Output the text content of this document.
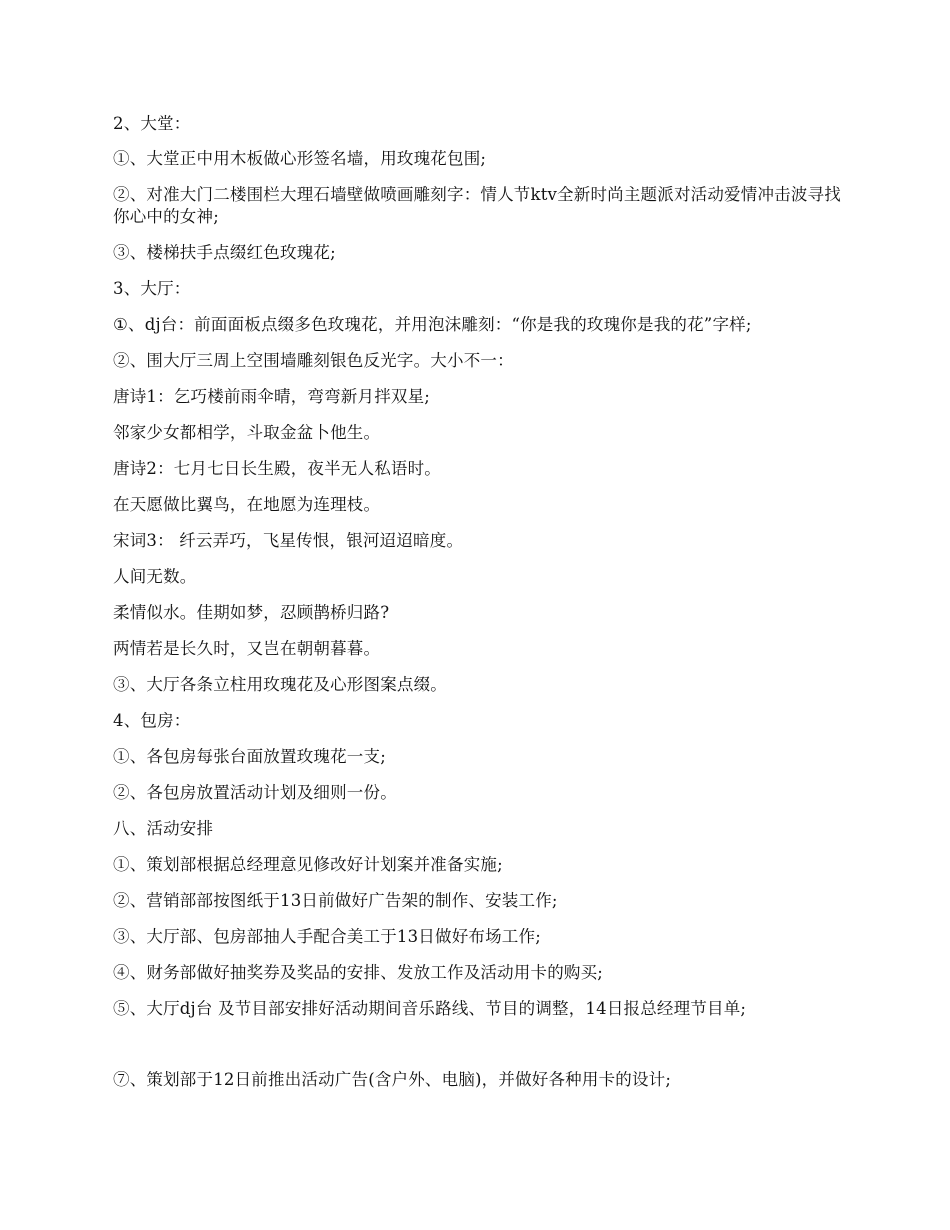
2、大堂：
①、大堂正中用木板做心形签名墙，用玫瑰花包围;
②、对准大门二楼围栏大理石墙壁做喷画雕刻字：情人节ktv全新时尚主题派对活动爱情冲击波寻找你心中的女神;
③、楼梯扶手点缀红色玫瑰花;
3、大厅：
①、dj台：前面面板点缀多色玫瑰花，并用泡沫雕刻：“你是我的玫瑰你是我的花”字样;
②、围大厅三周上空围墙雕刻银色反光字。大小不一：
唐诗1：乞巧楼前雨伞晴，弯弯新月拌双星;
邻家少女都相学，斗取金盆卜他生。
唐诗2：七月七日长生殿，夜半无人私语时。
在天愿做比翼鸟，在地愿为连理枝。
宋词3： 纤云弄巧，飞星传恨，银河迢迢暗度。
人间无数。
柔情似水。佳期如梦，忍顾鹊桥归路?
两情若是长久时，又岂在朝朝暮暮。
③、大厅各条立柱用玫瑰花及心形图案点缀。
4、包房：
①、各包房每张台面放置玫瑰花一支;
②、各包房放置活动计划及细则一份。
八、活动安排
①、策划部根据总经理意见修改好计划案并准备实施;
②、营销部部按图纸于13日前做好广告架的制作、安装工作;
③、大厅部、包房部抽人手配合美工于13日做好布场工作;
④、财务部做好抽奖券及奖品的安排、发放工作及活动用卡的购买;
⑤、大厅dj台 及节目部安排好活动期间音乐路线、节目的调整，14日报总经理节目单;
⑦、策划部于12日前推出活动广告(含户外、电脑)，并做好各种用卡的设计;
